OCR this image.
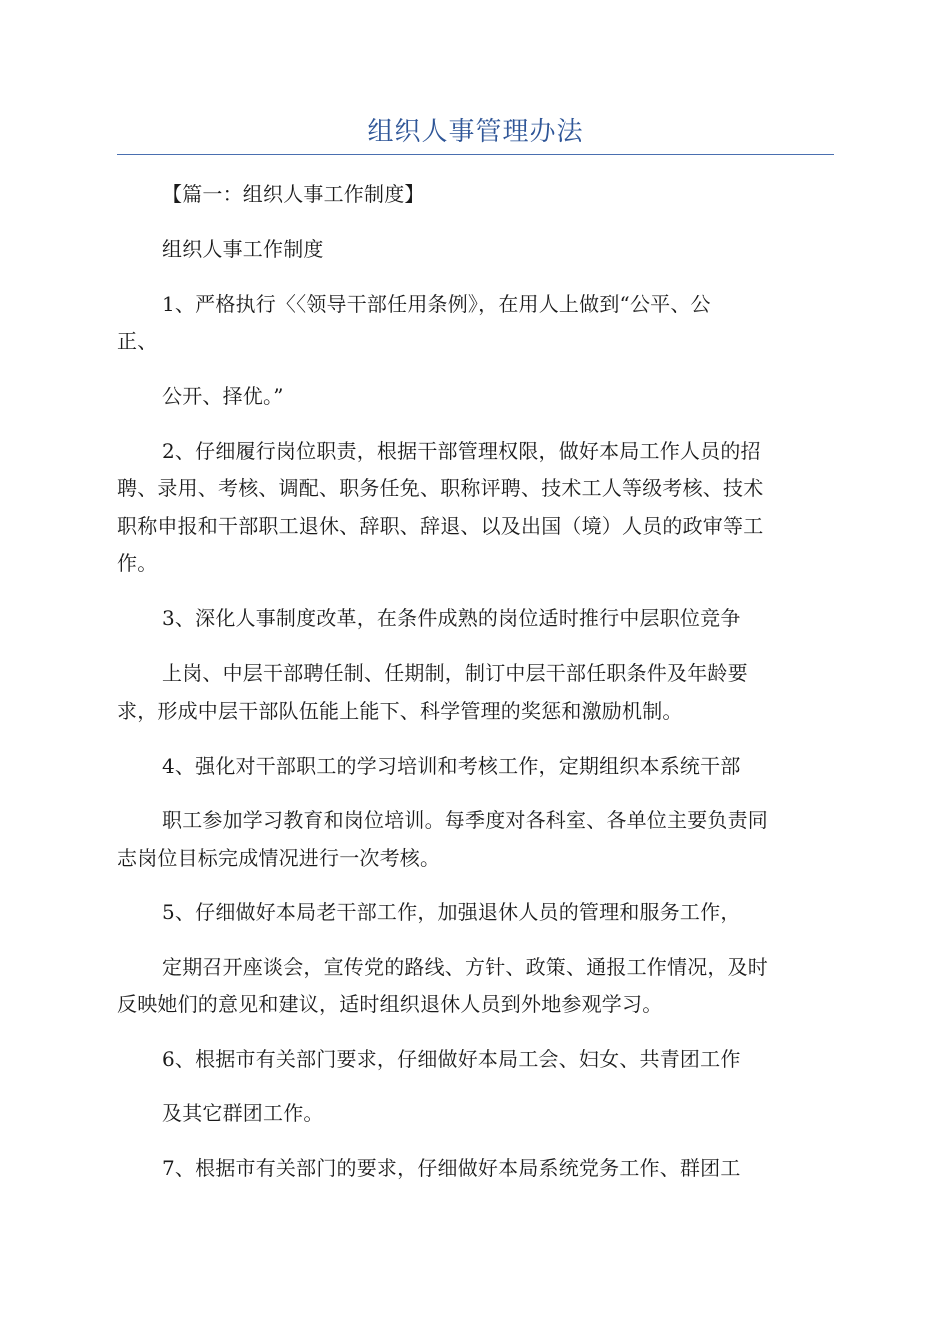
组织人事管理办法
【篇一：组织人事工作制度】
组织人事工作制度
1、严格执行〈〈领导干部任用条例》，在用人上做到“公平、公
正、
公开、择优。”
2、仔细履行岗位职责，根据干部管理权限，做好本局工作人员的招
聘、录用、考核、调配、职务任免、职称评聘、技术工人等级考核、技术
职称申报和干部职工退休、辞职、辞退、以及出国（境）人员的政审等工
作。
3、深化人事制度改革，在条件成熟的岗位适时推行中层职位竞争
上岗、中层干部聘任制、任期制，制订中层干部任职条件及年龄要
求，形成中层干部队伍能上能下、科学管理的奖惩和激励机制。
4、强化对干部职工的学习培训和考核工作，定期组织本系统干部
职工参加学习教育和岗位培训。每季度对各科室、各单位主要负责同
志岗位目标完成情况进行一次考核。
5、仔细做好本局老干部工作，加强退休人员的管理和服务工作，
定期召开座谈会，宣传党的路线、方针、政策、通报工作情况，及时
反映她们的意见和建议，适时组织退休人员到外地参观学习。
6、根据市有关部门要求，仔细做好本局工会、妇女、共青团工作
及其它群团工作。
7、根据市有关部门的要求，仔细做好本局系统党务工作、群团工
